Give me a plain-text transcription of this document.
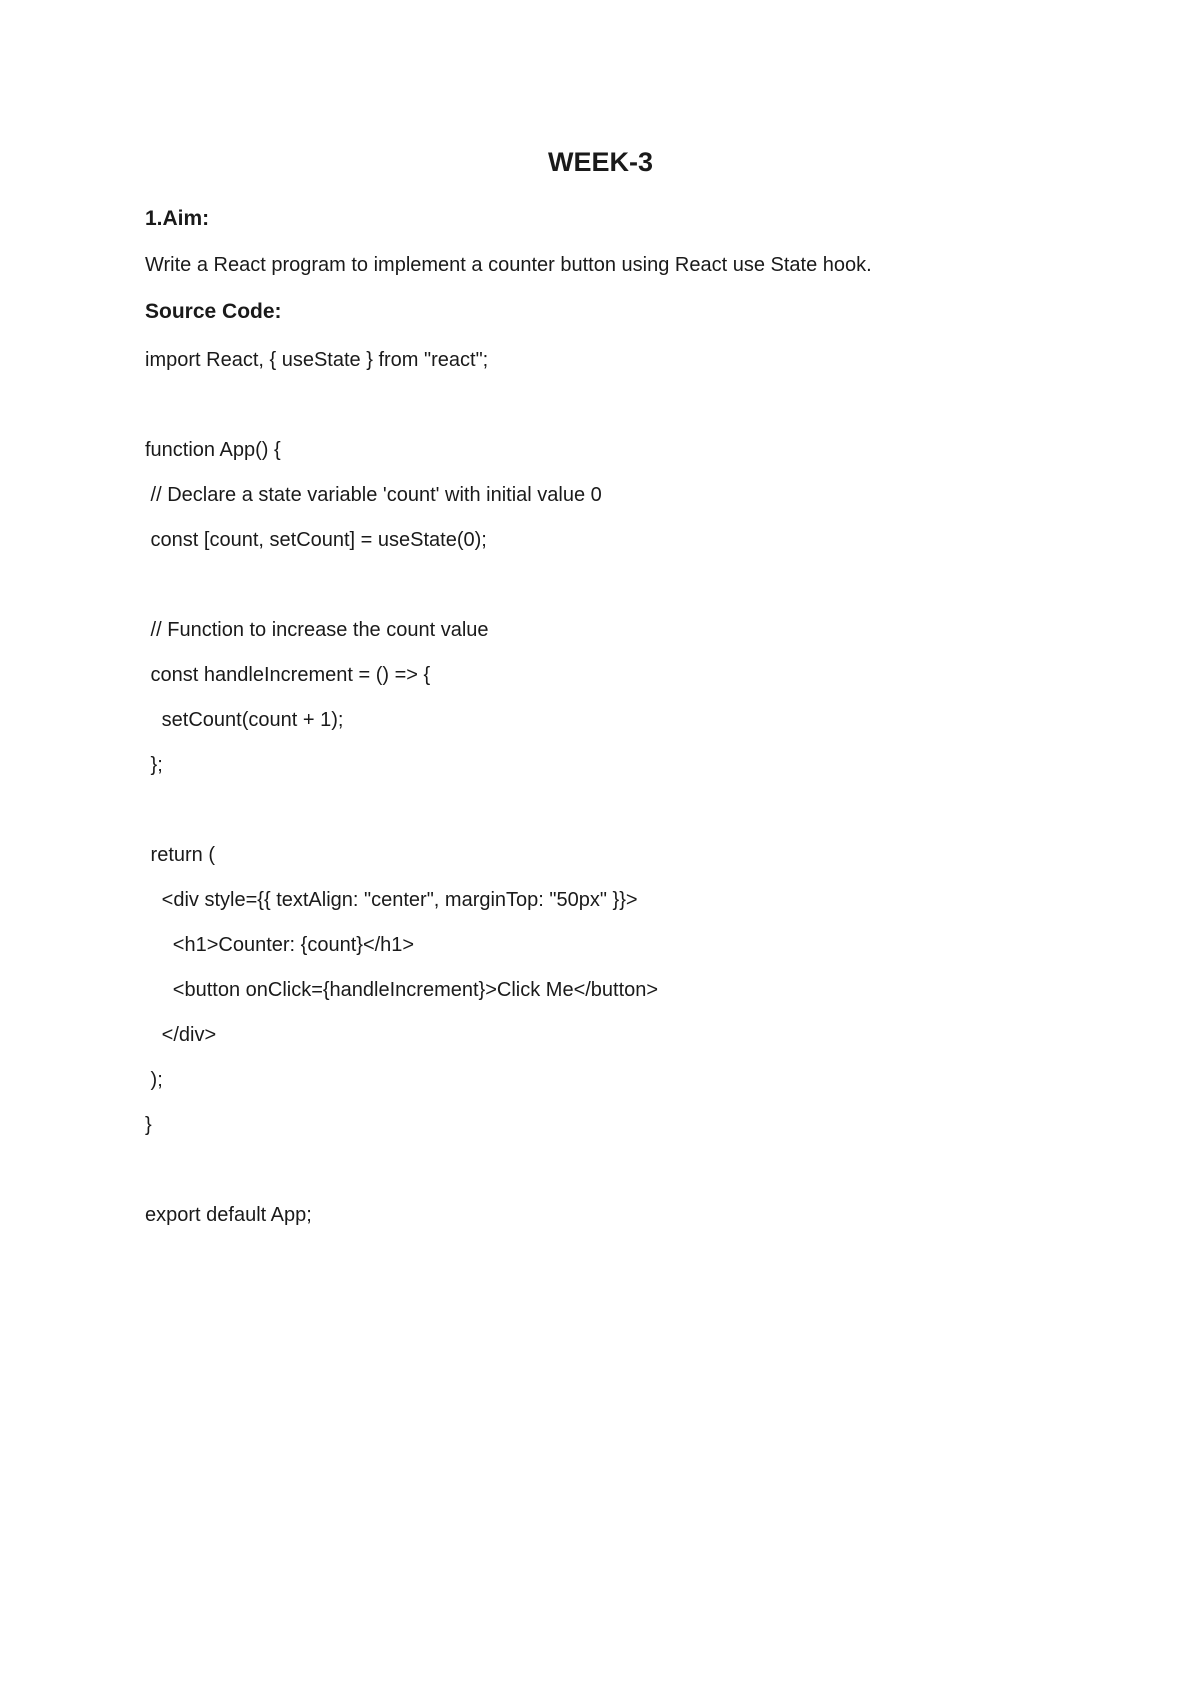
WEEK-3

1.Aim:

Write a React program to implement a counter button using React use State hook.

Source Code:

import React, { useState } from "react";

function App() {

// Declare a state variable 'count' with initial value 0

const [count, setCount] = useState(0);

// Function to increase the count value

const handleIncrement = () => {

setCount(count + 1);

};

return (

<div style={{ textAlign: "center", marginTop: "50px" }}>

<h1>Counter: {count}</h1>

<button onClick={handleIncrement}>Click Me</button>

</div>

);

}

export default App;
